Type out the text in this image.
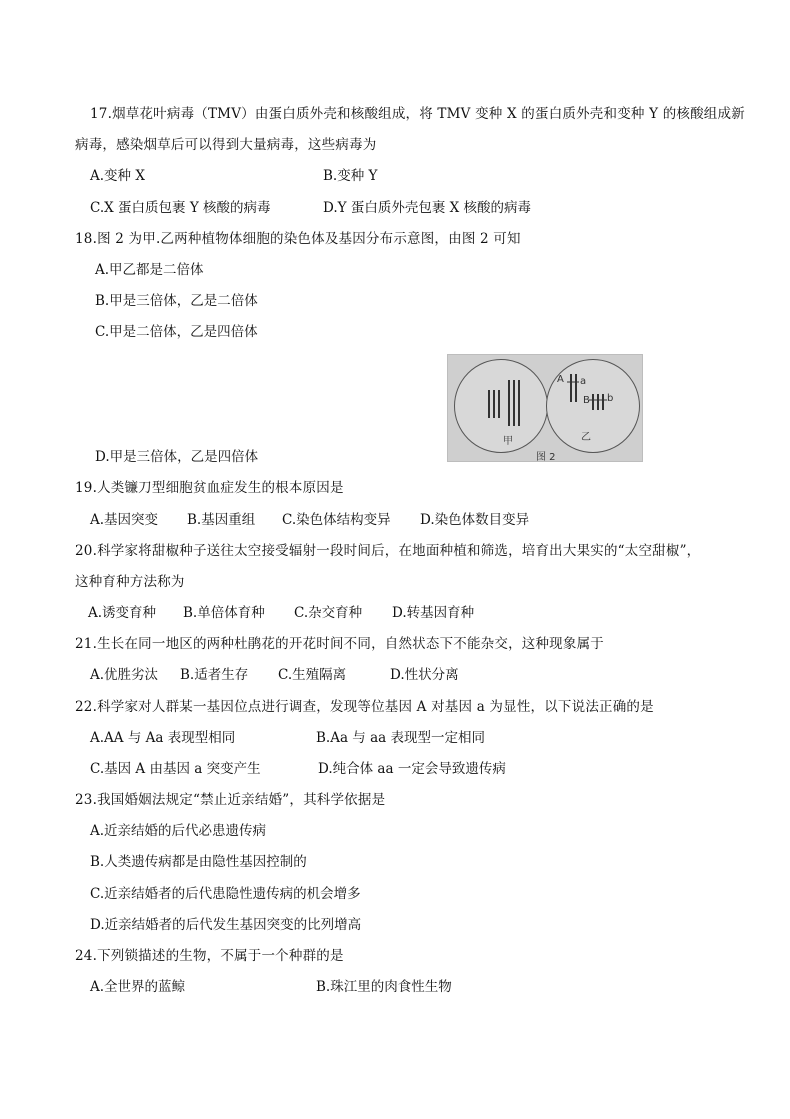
17.烟草花叶病毒（TMV）由蛋白质外壳和核酸组成，将 TMV 变种 X 的蛋白质外壳和变种 Y 的核酸组成新
病毒，感染烟草后可以得到大量病毒，这些病毒为
A.变种 X	B.变种 Y
C.X 蛋白质包裹 Y 核酸的病毒	D.Y 蛋白质外壳包裹 X 核酸的病毒
18.图 2 为甲.乙两种植物体细胞的染色体及基因分布示意图，由图 2 可知
A.甲乙都是二倍体
B.甲是三倍体，乙是二倍体
C.甲是二倍体，乙是四倍体
甲
A a
B b
乙
图 2
D.甲是三倍体，乙是四倍体
19.人类镰刀型细胞贫血症发生的根本原因是
A.基因突变 B.基因重组 C.染色体结构变异 D.染色体数目变异
20.科学家将甜椒种子送往太空接受辐射一段时间后，在地面种植和筛选，培育出大果实的“太空甜椒”，
这种育种方法称为
A.诱变育种 B.单倍体育种 C.杂交育种 D.转基因育种
21.生长在同一地区的两种杜鹃花的开花时间不同，自然状态下不能杂交，这种现象属于
A.优胜劣汰 B.适者生存 C.生殖隔离	D.性状分离
22.科学家对人群某一基因位点进行调查，发现等位基因 A 对基因 a 为显性，以下说法正确的是
A.AA 与 Aa 表现型相同	B.Aa 与 aa 表现型一定相同
C.基因 A 由基因 a 突变产生	D.纯合体 aa 一定会导致遗传病
23.我国婚姻法规定“禁止近亲结婚”，其科学依据是
A.近亲结婚的后代必患遗传病
B.人类遗传病都是由隐性基因控制的
C.近亲结婚者的后代患隐性遗传病的机会增多
D.近亲结婚者的后代发生基因突变的比列增高
24.下列锁描述的生物，不属于一个种群的是
A.全世界的蓝鲸	B.珠江里的肉食性生物
